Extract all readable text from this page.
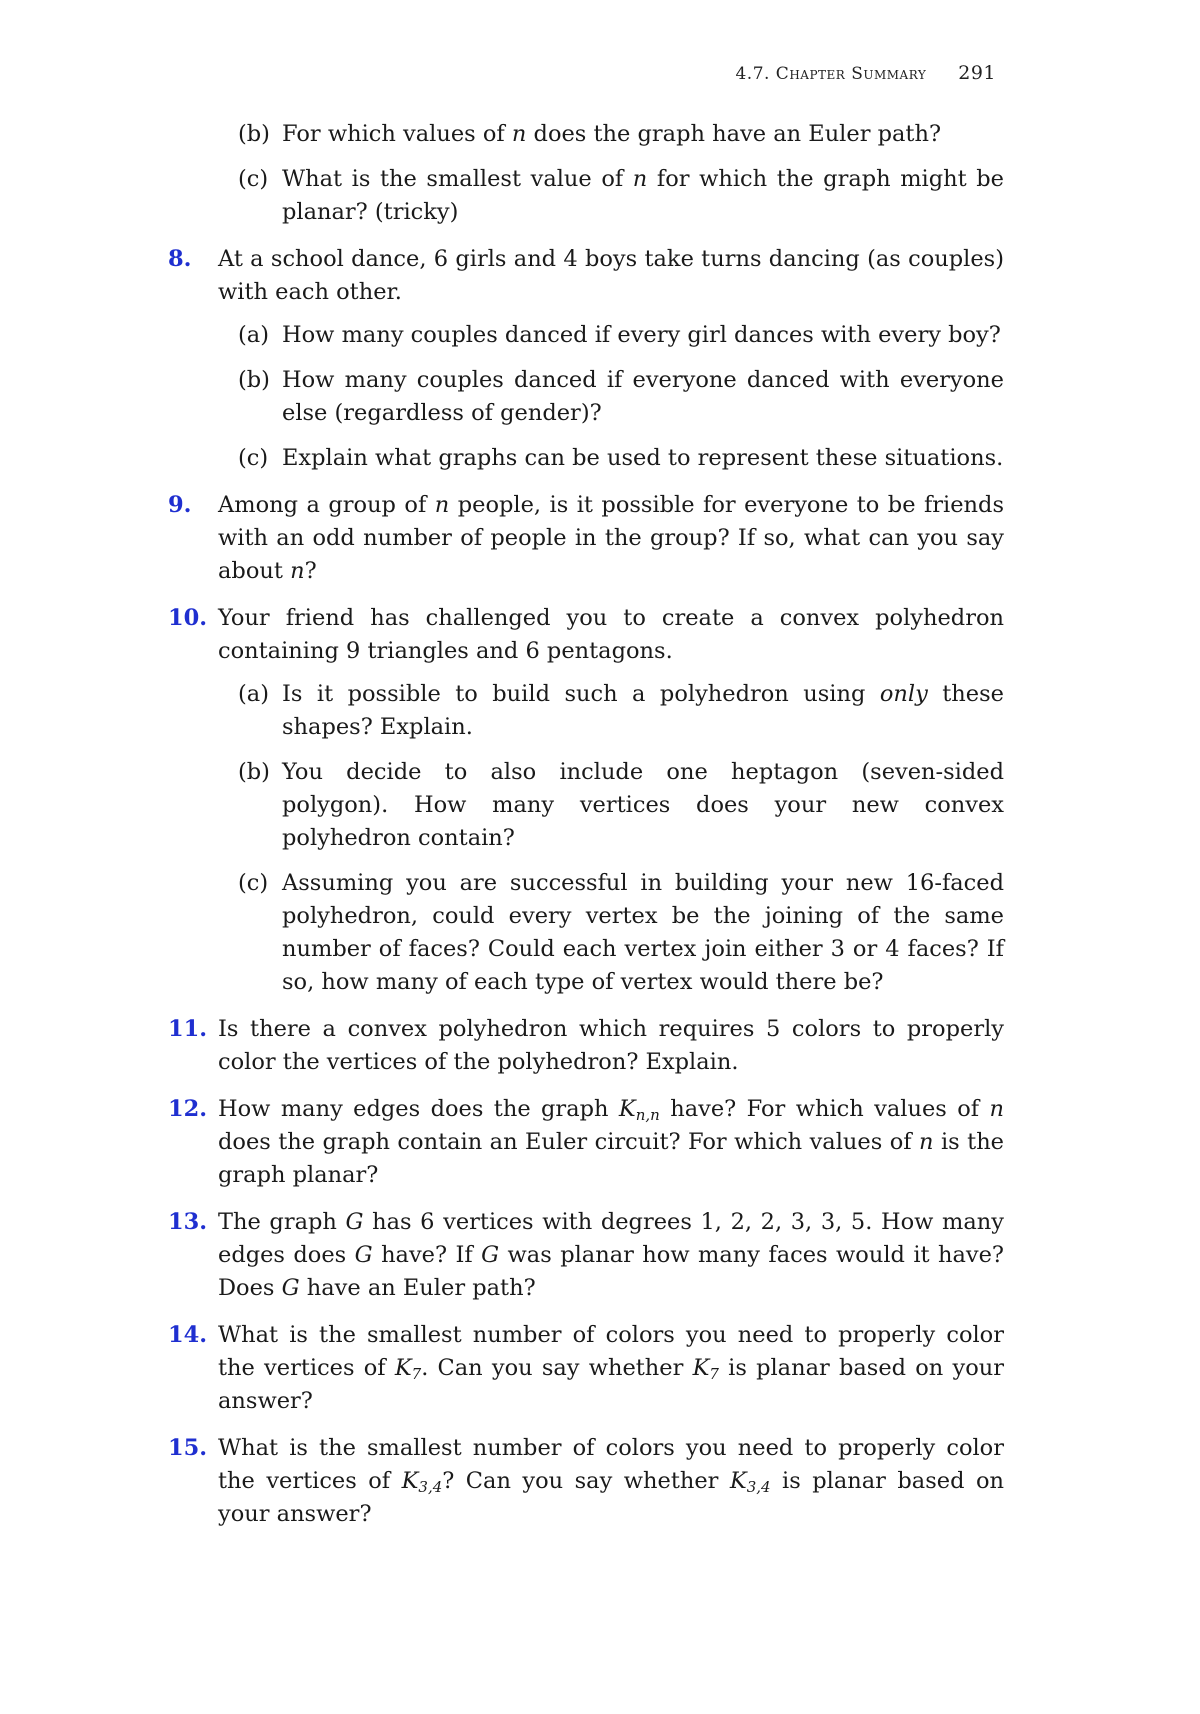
4.7. Chapter Summary 291
(b) For which values of n does the graph have an Euler path?
(c) What is the smallest value of n for which the graph might be planar? (tricky)
8. At a school dance, 6 girls and 4 boys take turns dancing (as couples) with each other.
(a) How many couples danced if every girl dances with every boy?
(b) How many couples danced if everyone danced with everyone else (regardless of gender)?
(c) Explain what graphs can be used to represent these situations.
9. Among a group of n people, is it possible for everyone to be friends with an odd number of people in the group? If so, what can you say about n?
10. Your friend has challenged you to create a convex polyhedron containing 9 triangles and 6 pentagons.
(a) Is it possible to build such a polyhedron using only these shapes? Explain.
(b) You decide to also include one heptagon (seven-sided polygon). How many vertices does your new convex polyhedron contain?
(c) Assuming you are successful in building your new 16-faced polyhedron, could every vertex be the joining of the same number of faces? Could each vertex join either 3 or 4 faces? If so, how many of each type of vertex would there be?
11. Is there a convex polyhedron which requires 5 colors to properly color the vertices of the polyhedron? Explain.
12. How many edges does the graph $K_{n,n}$ have? For which values of n does the graph contain an Euler circuit? For which values of n is the graph planar?
13. The graph G has 6 vertices with degrees 1, 2, 2, 3, 3, 5. How many edges does G have? If G was planar how many faces would it have? Does G have an Euler path?
14. What is the smallest number of colors you need to properly color the vertices of $K_7$. Can you say whether $K_7$ is planar based on your answer?
15. What is the smallest number of colors you need to properly color the vertices of $K_{3,4}$? Can you say whether $K_{3,4}$ is planar based on your answer?
